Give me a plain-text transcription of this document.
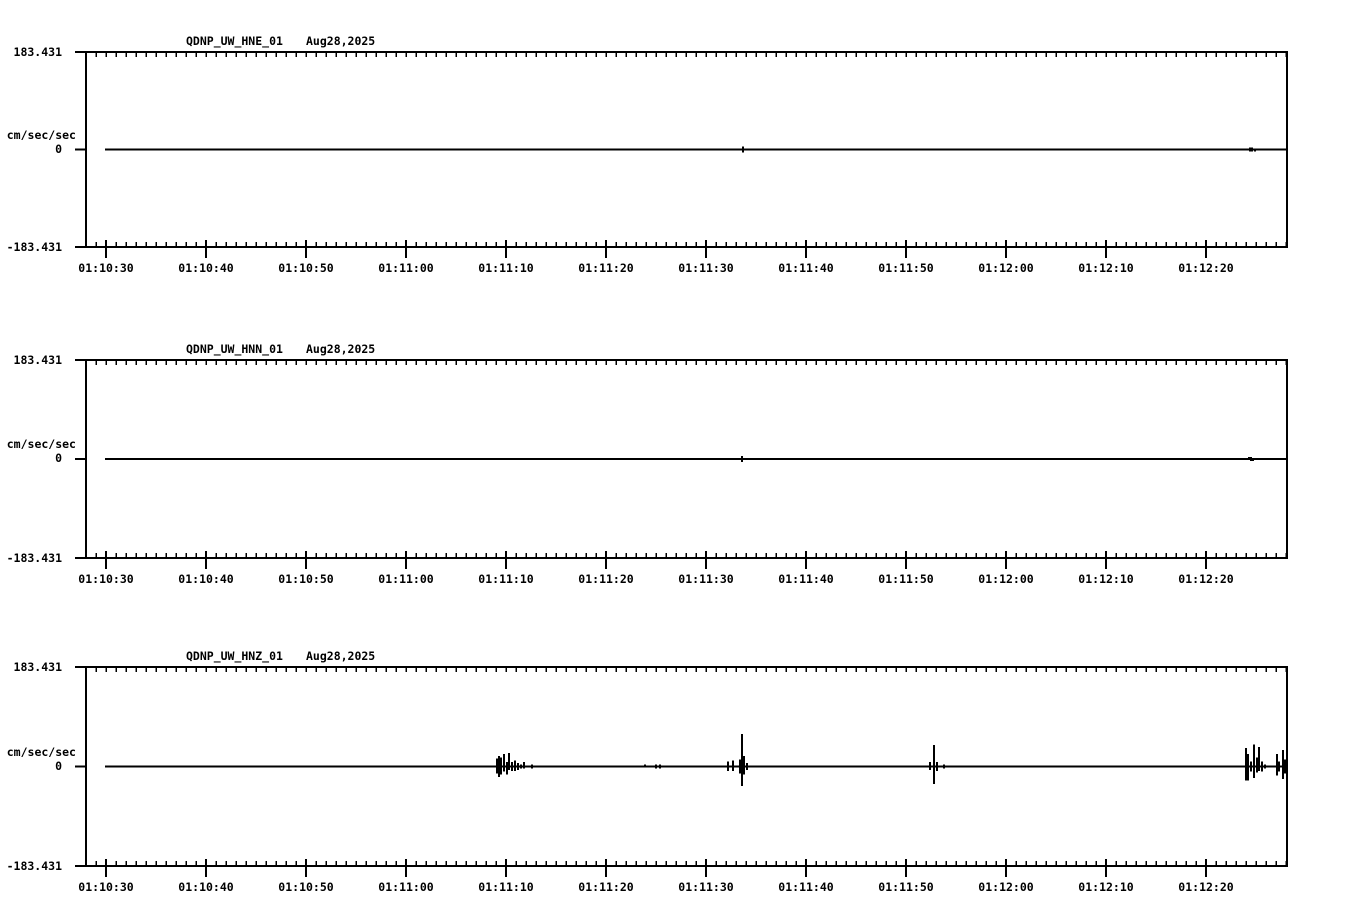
QDNP_UW_HNE_01 Aug28,2025
183.431
cm/sec/sec
0
-183.431
01:10:30	01:10:40	01:10:50	01:11:00	01:11:10	01:11:20	01:11:30	01:11:40	01:11:50	01:12:00	01:12:10	01:12:20
QDNP_UW_HNN_01 Aug28,2025
183.431
cm/sec/sec
0
-183.431
01:10:30	01:10:40	01:10:50	01:11:00	01:11:10	01:11:20	01:11:30	01:11:40	01:11:50	01:12:00	01:12:10	01:12:20
QDNP_UW_HNZ_01 Aug28,2025
183.431
cm/sec/sec
0
-183.431
01:10:30	01:10:40	01:10:50	01:11:00	01:11:10	01:11:20	01:11:30	01:11:40	01:11:50	01:12:00	01:12:10	01:12:20
